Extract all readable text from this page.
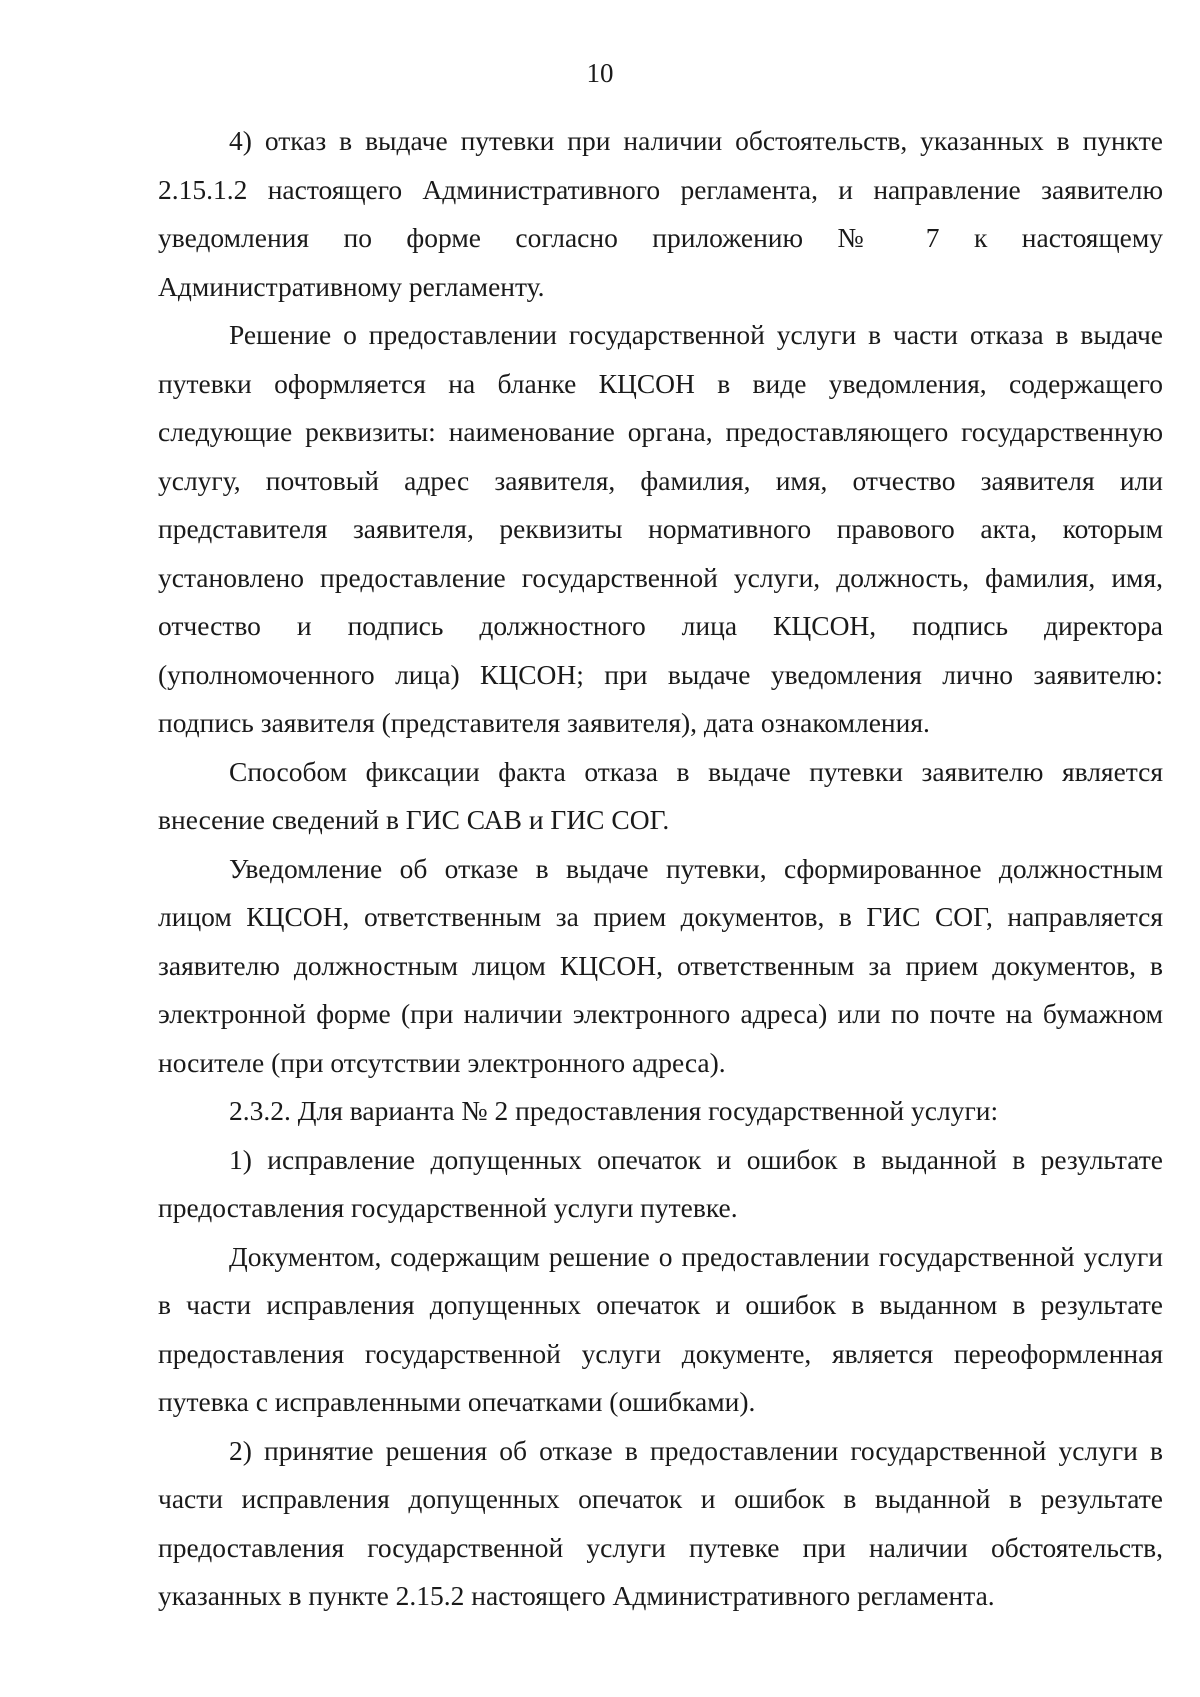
10

4) отказ в выдаче путевки при наличии обстоятельств, указанных в пункте 2.15.1.2 настоящего Административного регламента, и направление заявителю уведомления по форме согласно приложению № 7 к настоящему Административному регламенту.

Решение о предоставлении государственной услуги в части отказа в выдаче путевки оформляется на бланке КЦСОН в виде уведомления, содержащего следующие реквизиты: наименование органа, предоставляющего государственную услугу, почтовый адрес заявителя, фамилия, имя, отчество заявителя или представителя заявителя, реквизиты нормативного правового акта, которым установлено предоставление государственной услуги, должность, фамилия, имя, отчество и подпись должностного лица КЦСОН, подпись директора (уполномоченного лица) КЦСОН; при выдаче уведомления лично заявителю: подпись заявителя (представителя заявителя), дата ознакомления.

Способом фиксации факта отказа в выдаче путевки заявителю является внесение сведений в ГИС САВ и ГИС СОГ.

Уведомление об отказе в выдаче путевки, сформированное должностным лицом КЦСОН, ответственным за прием документов, в ГИС СОГ, направляется заявителю должностным лицом КЦСОН, ответственным за прием документов, в электронной форме (при наличии электронного адреса) или по почте на бумажном носителе (при отсутствии электронного адреса).

2.3.2. Для варианта № 2 предоставления государственной услуги:

1) исправление допущенных опечаток и ошибок в выданной в результате предоставления государственной услуги путевке.

Документом, содержащим решение о предоставлении государственной услуги в части исправления допущенных опечаток и ошибок в выданном в результате предоставления государственной услуги документе, является переоформленная путевка с исправленными опечатками (ошибками).

2) принятие решения об отказе в предоставлении государственной услуги в части исправления допущенных опечаток и ошибок в выданной в результате предоставления государственной услуги путевке при наличии обстоятельств, указанных в пункте 2.15.2 настоящего Административного регламента.
